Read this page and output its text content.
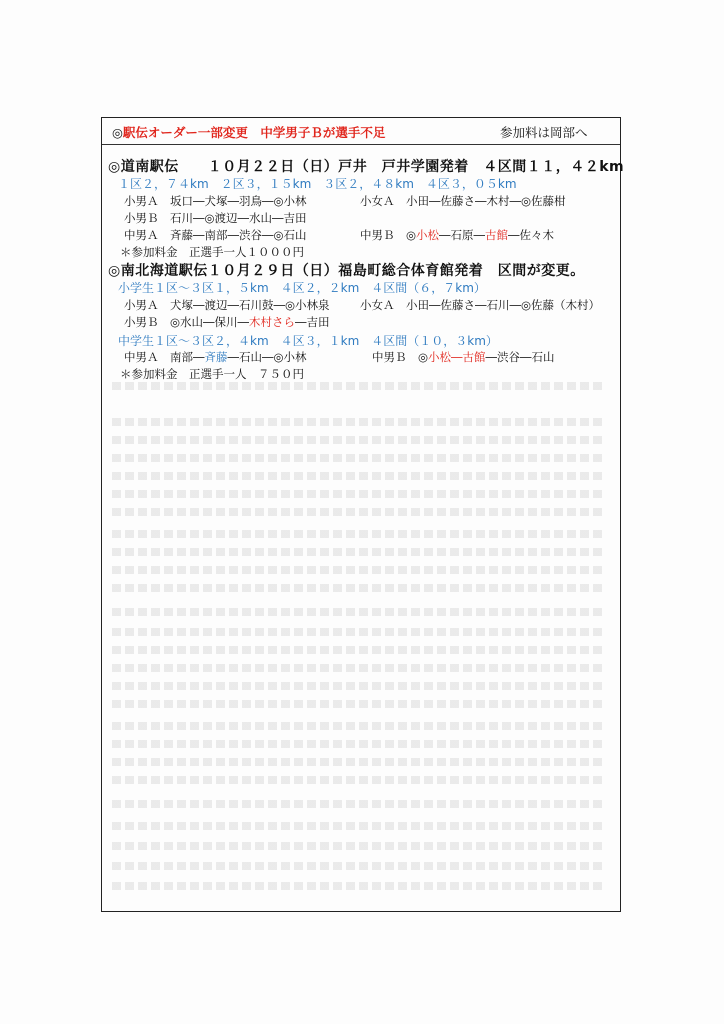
◎駅伝オーダー一部変更　中学男子Ｂが選手不足	参加料は岡部へ
◎道南駅伝　　１０月２２日（日）戸井　戸井学園発着　４区間１１，４２km
１区２，７４km　２区３，１５km　３区２，４８km　４区３，０５km
小男Ａ　 坂口―犬塚―羽鳥―◎小林	小女Ａ　 小田―佐藤さ―木村―◎佐藤柑
小男Ｂ　 石川―◎渡辺―水山―吉田
中男Ａ　 斉藤―南部―渋谷―◎石山	中男Ｂ　 ◎小松―石原―古館―佐々木
＊参加料金　正選手一人１０００円
◎南北海道駅伝１０月２９日（日）福島町総合体育館発着　区間が変更。
小学生１区～３区１，５km　４区２，２km　４区間（６，７km）
小男Ａ　 犬塚―渡辺―石川鼓―◎小林泉	小女Ａ　 小田―佐藤さ―石川―◎佐藤（木村）
小男Ｂ　 ◎水山―保川―木村さら―吉田
中学生１区～３区２，４km　４区３，１km　４区間（１０，３km）
中男Ａ　 南部―斉藤―石山―◎小林	中男Ｂ　 ◎小松―古館―渋谷―石山
＊参加料金　正選手一人　７５０円
